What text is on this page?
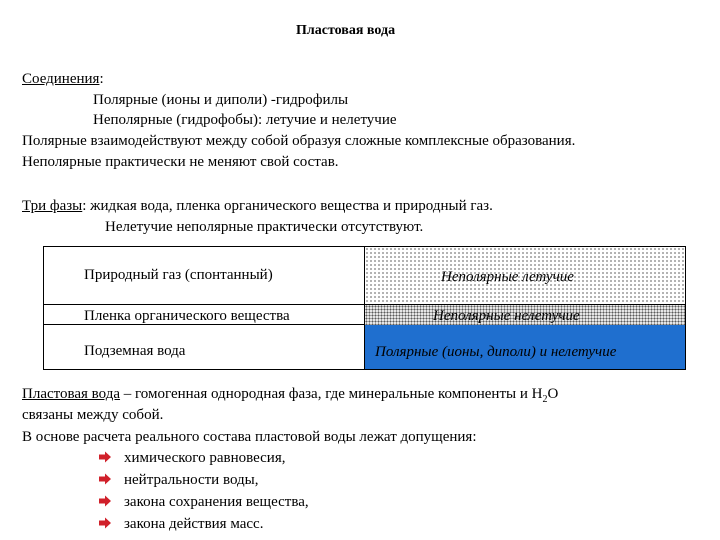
Пластовая вода
Соединения:
Полярные (ионы и диполи) -гидрофилы
Неполярные (гидрофобы): летучие и нелетучие
Полярные взаимодействуют между собой образуя сложные комплексные образования.
Неполярные практически не меняют свой состав.
Три фазы: жидкая вода, пленка органического вещества и природный газ.
Нелетучие неполярные практически отсутствуют.
Природный газ (спонтанный)	Неполярные летучие
Пленка органического вещества	Неполярные нелетучие
Подземная вода	Полярные (ионы, диполи) и нелетучие
Пластовая вода – гомогенная однородная фаза, где минеральные компоненты и $H_2O$
связаны между собой.
В основе расчета реального состава пластовой воды лежат допущения:
химического равновесия,
нейтральности воды,
закона сохранения вещества,
закона действия масс.
